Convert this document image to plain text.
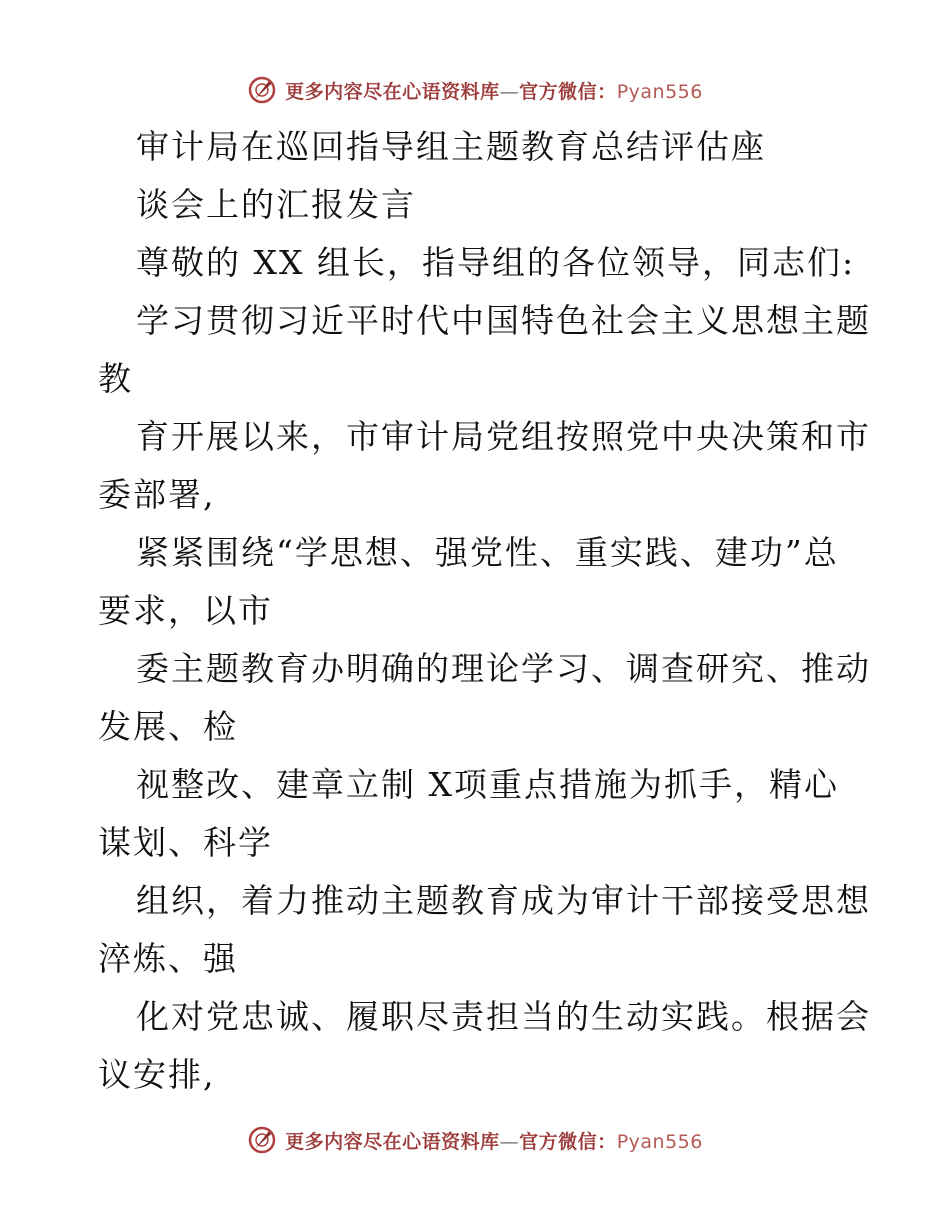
更多内容尽在心语资料库—官方微信：Pyan556
审计局在巡回指导组主题教育总结评估座
谈会上的汇报发言
尊敬的 XX 组长，指导组的各位领导，同志们:
学习贯彻习近平时代中国特色社会主义思想主题
教
育开展以来，市审计局党组按照党中央决策和市
委部署,
紧紧围绕“学思想、强党性、重实践、建功”总
要求，以市
委主题教育办明确的理论学习、调查研究、推动
发展、检
视整改、建章立制 X项重点措施为抓手，精心
谋划、科学
组织，着力推动主题教育成为审计干部接受思想
淬炼、强
化对党忠诚、履职尽责担当的生动实践。根据会
议安排,
更多内容尽在心语资料库—官方微信：Pyan556
